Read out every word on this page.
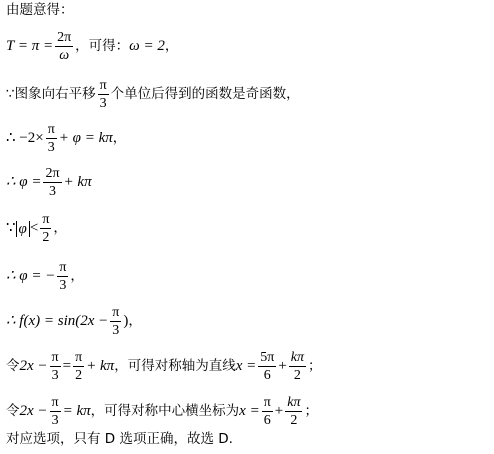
由题意得：
$T = \pi = \frac{2\pi}{\omega}$ ，可得： ω = 2 ，
∵图象向右平移 $\frac{\pi}{3}$ 个单位后得到的函数是奇函数，
∴ $-2\times \frac{\pi}{3} + \varphi = k\pi$ ，
∴ $\varphi = \frac{2\pi}{3} + k\pi$
∵ $\varphi < \frac{\pi}{2}$ ，
∴ φ = − $\frac{\pi}{3}$ ，
∴ $f(x) = \sin(2x - \frac{\pi}{3}$ ) ，
令 $2x - \frac{\pi}{3} = \frac{\pi}{2} + k\pi$ ，可得对称轴为直线 $x = \frac{5\pi}{6} + \frac{k\pi}{2}$ ；
令 $2x - \frac{\pi}{3} = k\pi$ ，可得对称中心横坐标为 $x = \frac{\pi}{6} + \frac{k\pi}{2}$ ；
对应选项，只有 D 选项正确，故选 D.
